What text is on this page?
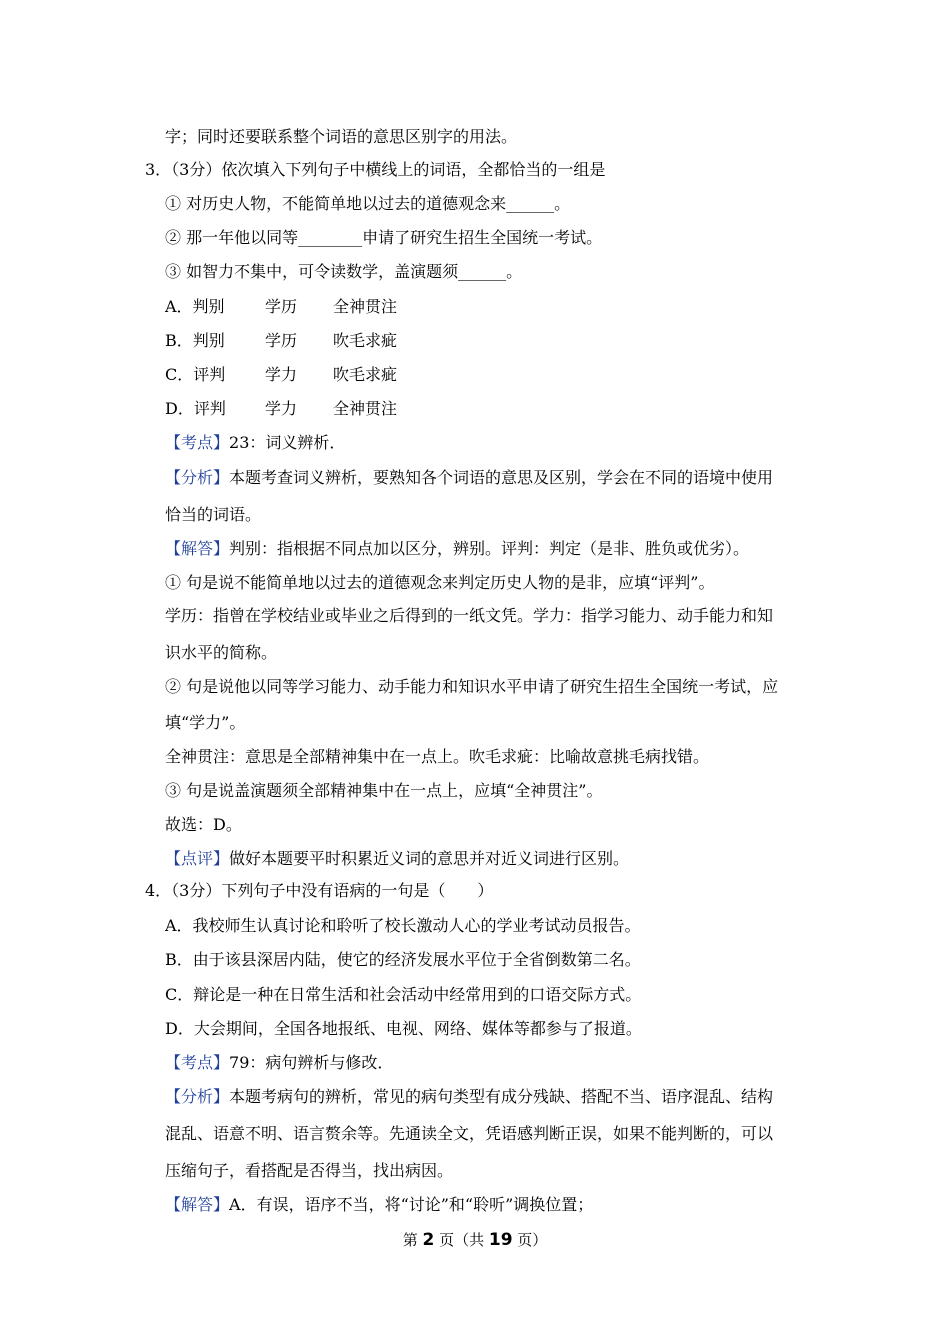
字；同时还要联系整个词语的意思区别字的用法。
3．（3分）依次填入下列句子中横线上的词语，全都恰当的一组是
① 对历史人物，不能简单地以过去的道德观念来______。
② 那一年他以同等________申请了研究生招生全国统一考试。
③ 如智力不集中，可令读数学，盖演题须______。
A．判别	学历 全神贯注
B．判别	学历 吹毛求疵
C．评判 学力 吹毛求疵
D．评判 学力 全神贯注
【考点】23：词义辨析．
【分析】本题考查词义辨析，要熟知各个词语的意思及区别，学会在不同的语境中使用
恰当的词语。
【解答】判别：指根据不同点加以区分，辨别。评判：判定（是非、胜负或优劣）。
① 句是说不能简单地以过去的道德观念来判定历史人物的是非，应填“评判”。
学历：指曾在学校结业或毕业之后得到的一纸文凭。学力：指学习能力、动手能力和知
识水平的简称。
② 句是说他以同等学习能力、动手能力和知识水平申请了研究生招生全国统一考试，应
填“学力”。
全神贯注：意思是全部精神集中在一点上。吹毛求疵：比喻故意挑毛病找错。
③ 句是说盖演题须全部精神集中在一点上，应填“全神贯注”。
故选：D。
【点评】做好本题要平时积累近义词的意思并对近义词进行区别。
4．（3分）下列句子中没有语病的一句是（　　）
A．我校师生认真讨论和聆听了校长激动人心的学业考试动员报告。
B．由于该县深居内陆，使它的经济发展水平位于全省倒数第二名。
C．辩论是一种在日常生活和社会活动中经常用到的口语交际方式。
D．大会期间，全国各地报纸、电视、网络、媒体等都参与了报道。
【考点】79：病句辨析与修改．
【分析】本题考病句的辨析，常见的病句类型有成分残缺、搭配不当、语序混乱、结构
混乱、语意不明、语言赘余等。先通读全文，凭语感判断正误，如果不能判断的，可以
压缩句子，看搭配是否得当，找出病因。
【解答】A．有误，语序不当，将“讨论”和“聆听”调换位置；
第 2 页（共 19 页）
